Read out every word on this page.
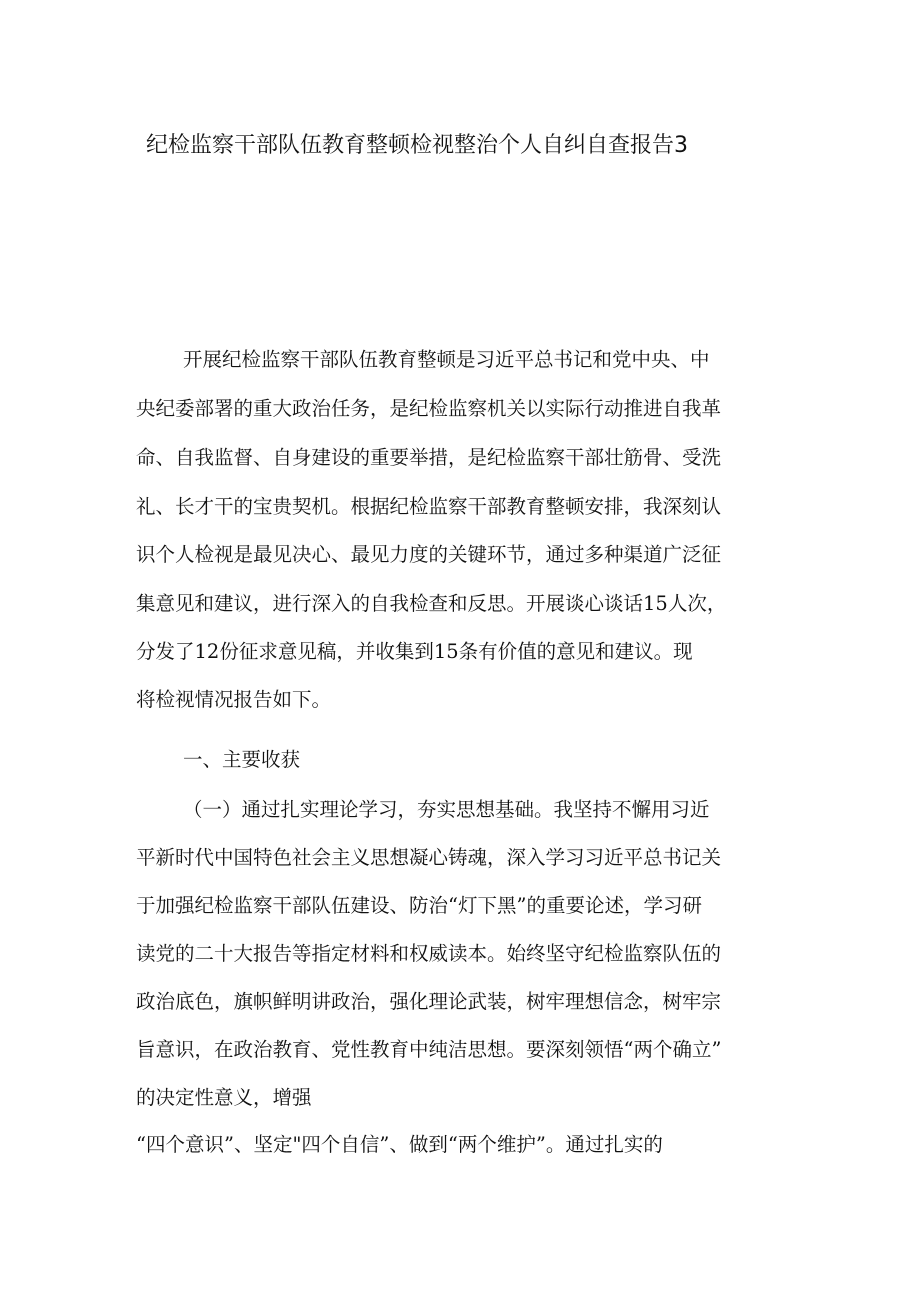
纪检监察干部队伍教育整顿检视整治个人自纠自查报告3
开展纪检监察干部队伍教育整顿是习近平总书记和党中央、中
央纪委部署的重大政治任务，是纪检监察机关以实际行动推进自我革
命、自我监督、自身建设的重要举措，是纪检监察干部壮筋骨、受洗
礼、长才干的宝贵契机。根据纪检监察干部教育整顿安排，我深刻认
识个人检视是最见决心、最见力度的关键环节，通过多种渠道广泛征
集意见和建议，进行深入的自我检查和反思。开展谈心谈话15人次，
分发了12份征求意见稿，并收集到15条有价值的意见和建议。现
将检视情况报告如下。
一、主要收获
（一）通过扎实理论学习，夯实思想基础。我坚持不懈用习近
平新时代中国特色社会主义思想凝心铸魂，深入学习习近平总书记关
于加强纪检监察干部队伍建设、防治“灯下黑”的重要论述，学习研
读党的二十大报告等指定材料和权威读本。始终坚守纪检监察队伍的
政治底色，旗帜鲜明讲政治，强化理论武装，树牢理想信念，树牢宗
旨意识，在政治教育、党性教育中纯洁思想。要深刻领悟“两个确立”
的决定性意义，增强
“四个意识”、坚定"四个自信”、做到“两个维护”。通过扎实的
